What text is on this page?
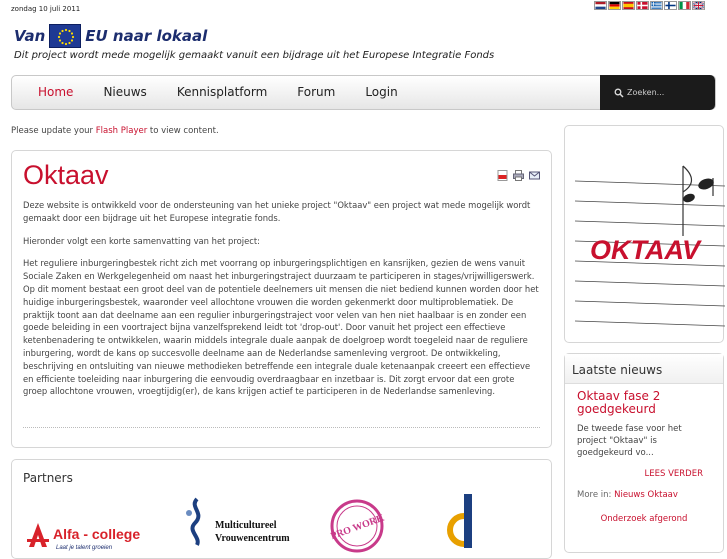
zondag 10 juli 2011
Van	EU naar lokaal
Dit project wordt mede mogelijk gemaakt vanuit een bijdrage uit het Europese Integratie Fonds
Home	Nieuws	Kennisplatform	Forum	Login
Zoeken...
Please update your Flash Player to view content.
Oktaav

Deze website is ontwikkeld voor de ondersteuning van het unieke project "Oktaav" een project wat mede mogelijk wordt gemaakt door een bijdrage uit het Europese integratie fonds.

Hieronder volgt een korte samenvatting van het project:

Het reguliere inburgeringbestek richt zich met voorrang op inburgeringsplichtigen en kansrijken, gezien de wens vanuit Sociale Zaken en Werkgelegenheid om naast het inburgeringstraject duurzaam te participeren in stages/vrijwilligerswerk. Op dit moment bestaat een groot deel van de potentiele deelnemers uit mensen die niet bediend kunnen worden door het huidige inburgeringsbestek, waaronder veel allochtone vrouwen die worden gekenmerkt door multiproblematiek. De praktijk toont aan dat deelname aan een regulier inburgeringstraject voor velen van hen niet haalbaar is en zonder een goede beleiding in een voortraject bijna vanzelfsprekend leidt tot 'drop-out'. Door vanuit het project een effectieve ketenbenadering te ontwikkelen, waarin middels integrale duale aanpak de doelgroep wordt toegeleid naar de reguliere inburgering, wordt de kans op succesvolle deelname aan de Nederlandse samenleving vergroot. De ontwikkeling, beschrijving en ontsluiting van nieuwe methodieken betreffende een integrale duale ketenaanpak creeert een effectieve en efficiente toeleiding naar inburgering die eenvoudig overdraagbaar en inzetbaar is. Dit zorgt ervoor dat een grote groep allochtone vrouwen, vroegtijdig(er), de kans krijgen actief te participeren in de Nederlandse samenleving.

Partners
Alfa - college
Laat je talent groeien
Multicultureel
Vrouwencentrum	PRO WORK
OKTAAV
Laatste nieuws
Oktaav fase 2 goedgekeurd
De tweede fase voor het project "Oktaav" is goedgekeurd vo...
LEES VERDER
More in: Nieuws Oktaav
Onderzoek afgerond
